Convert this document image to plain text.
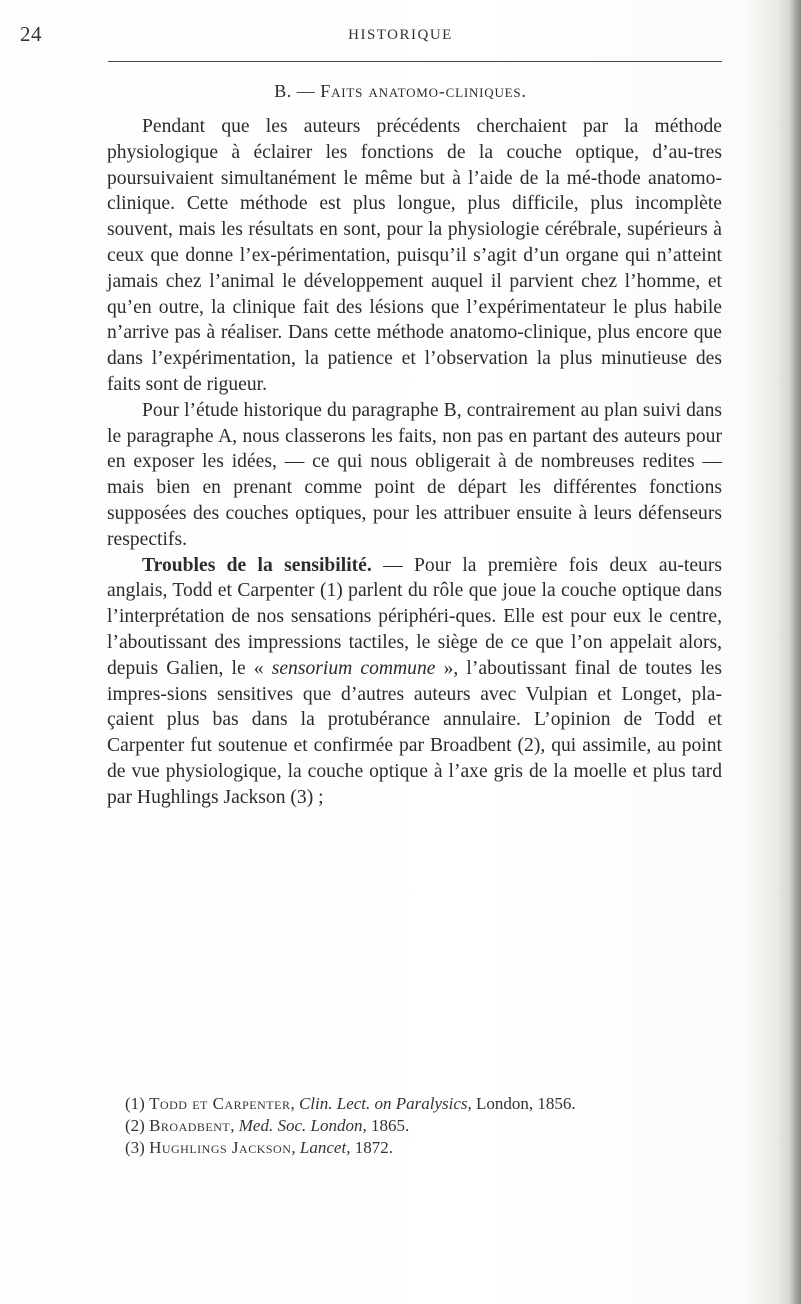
24	HISTORIQUE
B. — Faits anatomo-cliniques.

Pendant que les auteurs précédents cherchaient par la méthode physiologique à éclairer les fonctions de la couche optique, d’au-tres poursuivaient simultanément le même but à l’aide de la mé-thode anatomo-clinique. Cette méthode est plus longue, plus difficile, plus incomplète souvent, mais les résultats en sont, pour la physiologie cérébrale, supérieurs à ceux que donne l’ex-périmentation, puisqu’il s’agit d’un organe qui n’atteint jamais chez l’animal le développement auquel il parvient chez l’homme, et qu’en outre, la clinique fait des lésions que l’expérimentateur le plus habile n’arrive pas à réaliser. Dans cette méthode anatomo-clinique, plus encore que dans l’expérimentation, la patience et l’observation la plus minutieuse des faits sont de rigueur.

Pour l’étude historique du paragraphe B, contrairement au plan suivi dans le paragraphe A, nous classerons les faits, non pas en partant des auteurs pour en exposer les idées, — ce qui nous obligerait à de nombreuses redites — mais bien en prenant comme point de départ les différentes fonctions supposées des couches optiques, pour les attribuer ensuite à leurs défenseurs respectifs.

Troubles de la sensibilité. — Pour la première fois deux au-teurs anglais, Todd et Carpenter (1) parlent du rôle que joue la couche optique dans l’interprétation de nos sensations périphéri-ques. Elle est pour eux le centre, l’aboutissant des impressions tactiles, le siège de ce que l’on appelait alors, depuis Galien, le « sensorium commune », l’aboutissant final de toutes les impres-sions sensitives que d’autres auteurs avec Vulpian et Longet, pla-çaient plus bas dans la protubérance annulaire. L’opinion de Todd et Carpenter fut soutenue et confirmée par Broadbent (2), qui assimile, au point de vue physiologique, la couche optique à l’axe gris de la moelle et plus tard par Hughlings Jackson (3) ;

(1) Todd et Carpenter, Clin. Lect. on Paralysics, London, 1856.
(2) Broadbent, Med. Soc. London, 1865.
(3) Hughlings Jackson, Lancet, 1872.
